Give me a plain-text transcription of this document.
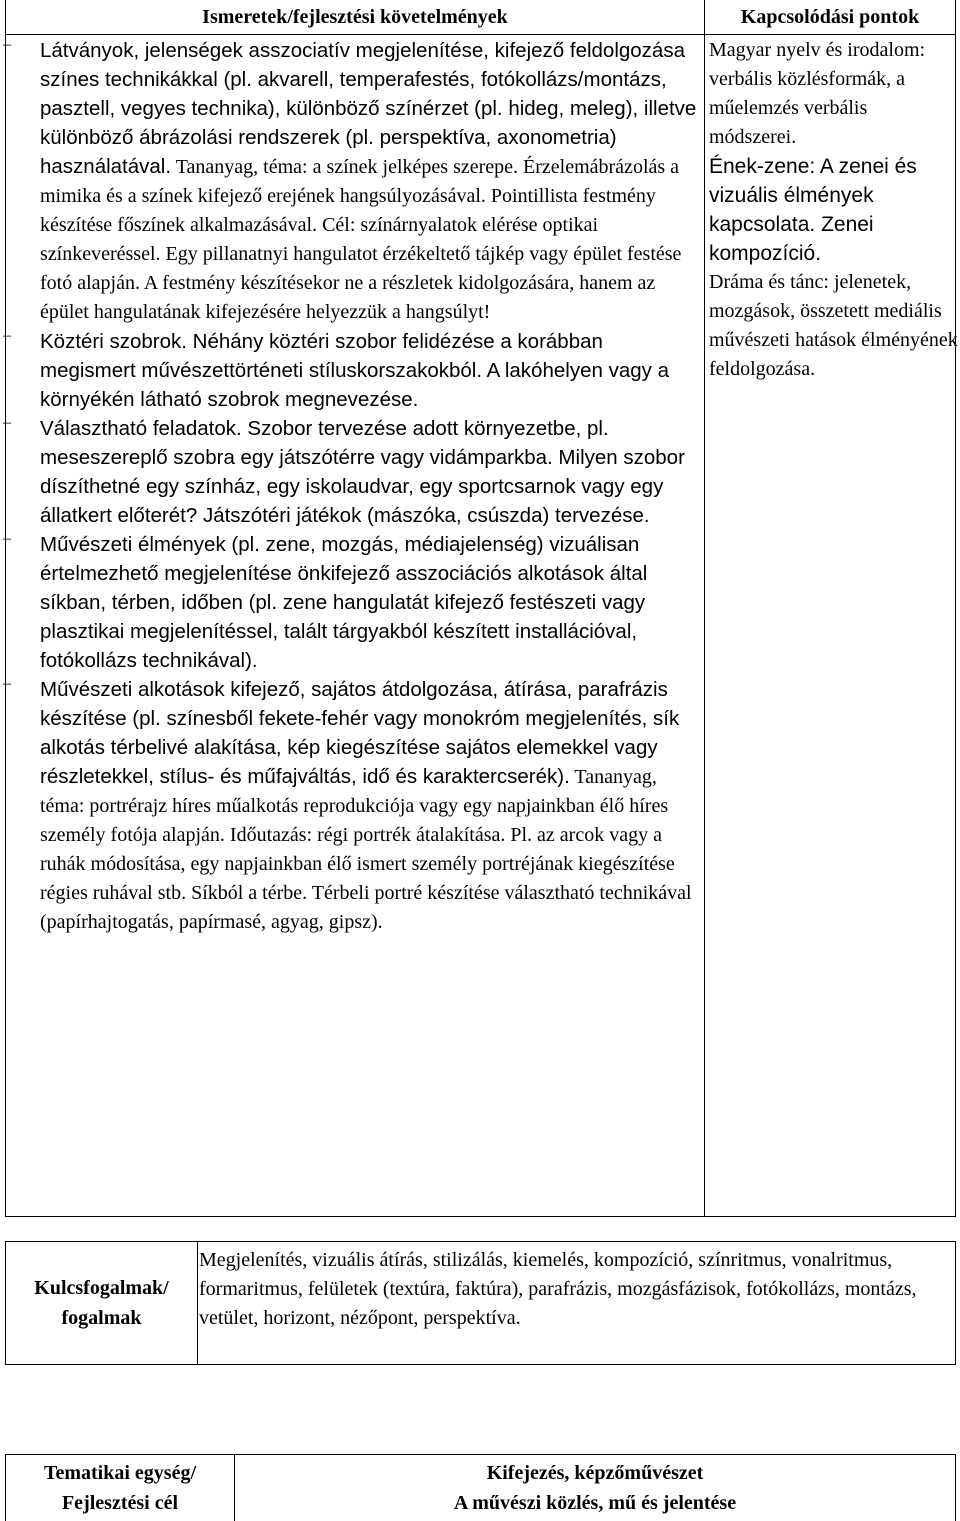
Ismeretek/fejlesztési követelmények	Kapcsolódási pontok

– Látványok, jelenségek asszociatív megjelenítése, kifejező feldolgozása színes technikákkal (pl. akvarell, temperafestés, fotókollázs/montázs, pasztell, vegyes technika), különböző színérzet (pl. hideg, meleg), illetve különböző ábrázolási rendszerek (pl. perspektíva, axonometria) használatával. Tananyag, téma: a színek jelképes szerepe. Érzelemábrázolás a mimika és a színek kifejező erejének hangsúlyozásával. Pointillista festmény készítése főszínek alkalmazásával. Cél: színárnyalatok elérése optikai színkeveréssel. Egy pillanatnyi hangulatot érzékeltető tájkép vagy épület festése fotó alapján. A festmény készítésekor ne a részletek kidolgozására, hanem az épület hangulatának kifejezésére helyezzük a hangsúlyt!

– Köztéri szobrok. Néhány köztéri szobor felidézése a korábban megismert művészettörténeti stíluskorszakokból. A lakóhelyen vagy a környékén látható szobrok megnevezése.

– Választható feladatok. Szobor tervezése adott környezetbe, pl. meseszereplő szobra egy játszótérre vagy vidámparkba. Milyen szobor díszíthetné egy színház, egy iskolaudvar, egy sportcsarnok vagy egy állatkert előterét? Játszótéri játékok (mászóka, csúszda) tervezése.

– Művészeti élmények (pl. zene, mozgás, médiajelenség) vizuálisan értelmezhető megjelenítése önkifejező asszociációs alkotások által síkban, térben, időben (pl. zene hangulatát kifejező festészeti vagy plasztikai megjelenítéssel, talált tárgyakból készített installációval, fotókollázs technikával).

– Művészeti alkotások kifejező, sajátos átdolgozása, átírása, parafrázis készítése (pl. színesből fekete-fehér vagy monokróm megjelenítés, sík alkotás térbelivé alakítása, kép kiegészítése sajátos elemekkel vagy részletekkel, stílus- és műfajváltás, idő és karaktercserék). Tananyag, téma: portrérajz híres műalkotás reprodukciója vagy egy napjainkban élő híres személy fotója alapján. Időutazás: régi portrék átalakítása. Pl. az arcok vagy a ruhák módosítása, egy napjainkban élő ismert személy portréjának kiegészítése régies ruhával stb. Síkból a térbe. Térbeli portré készítése választható technikával (papírhajtogatás, papírmasé, agyag, gipsz).

Magyar nyelv és irodalom: verbális közlésformák, a műelemzés verbális módszerei.
Ének-zene: A zenei és vizuális élmények kapcsolata. Zenei kompozíció.
Dráma és tánc: jelenetek, mozgások, összetett mediális művészeti hatások élményének feldolgozása.
Kulcsfogalmak/
fogalmak
Megjelenítés, vizuális átírás, stilizálás, kiemelés, kompozíció, színritmus, vonalritmus, formaritmus, felületek (textúra, faktúra), parafrázis, mozgásfázisok, fotókollázs, montázs, vetület, horizont, nézőpont, perspektíva.
Tematikai egység/
Fejlesztési cél
Kifejezés, képzőművészet
A művészi közlés, mű és jelentése
